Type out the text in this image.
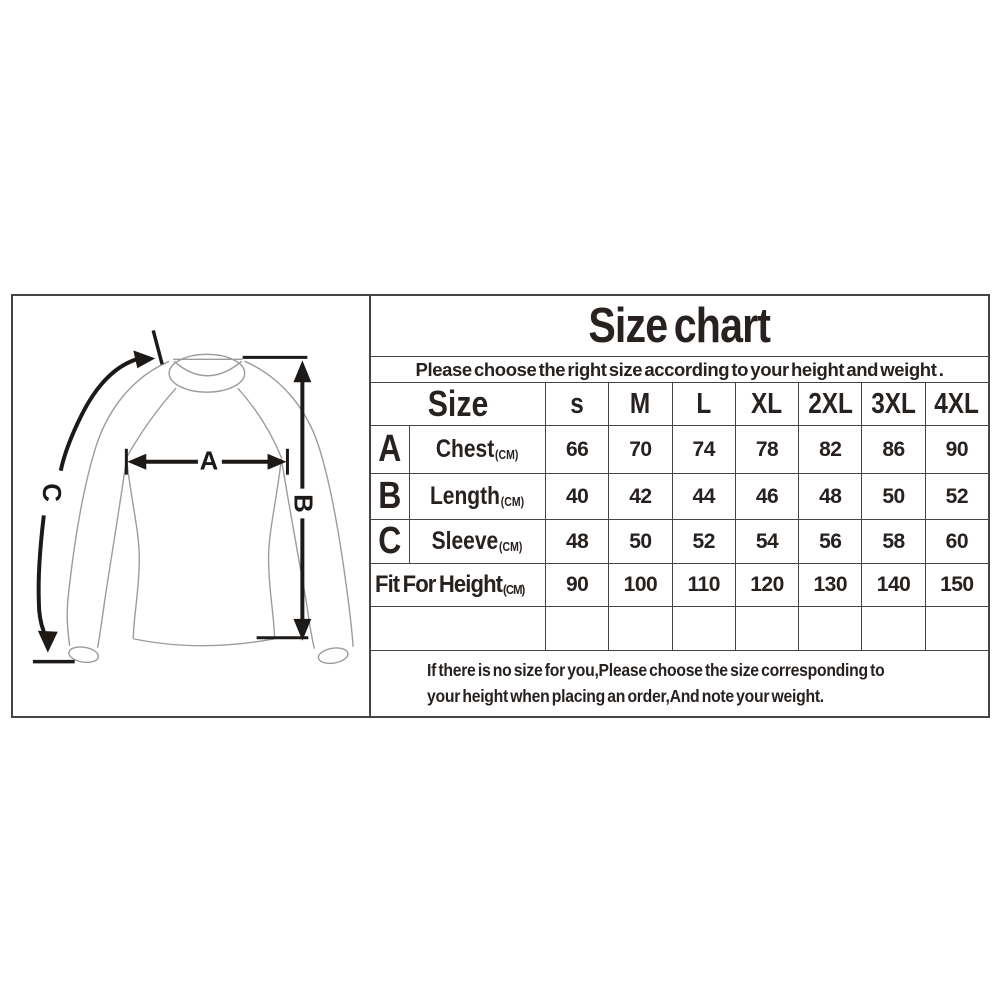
A
B
C
Size chart
Please choose the right size according to your height and weight .
Size	s M L XL 2XL 3XL 4XL
A Chest (CM)	66	70	74	78	82	86	90
B Length (CM)	40	42	44	46	48	50	52
C Sleeve (CM)	48	50	52	54	56	58	60
Fit For Height (CM)	90	100	110	120	130	140	150
If there is no size for you,Please choose the size corresponding to
your height when placing an order,And note your weight.
